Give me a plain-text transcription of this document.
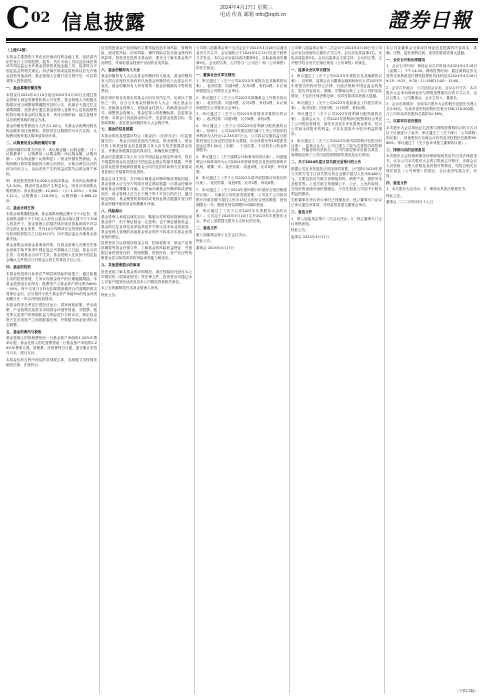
C02 信息披露
2024年4月17日 星期三
电话 传真 邮箱 info@zqrb.cn	證券日報

（上接C1版）

本基金主要投资于具有良好流动性的金融工具，包括国内依法发行上市的股票、债券、货币市场工具以及法律法规或中国证监会允许基金投资的其他金融工具，但须符合中国证监会的相关规定。如法律法规或监管机构以后允许基金投资其他品种，基金管理人在履行适当程序后，可以将其纳入投资范围。

一、基金募集份额发售

本基金自2024年4月18日起至2024年4月30日止通过基金管理人指定的销售机构公开发售。基金管理人可根据认购情况适当调整募集期限并及时公告，但最长不超过法定募集期限。投资者可通过基金管理人直销中心及其他销售机构办理本基金的认购业务，具体办理时间、地点及程序以各销售机构的规定为准。

基金份额发售面值为人民币1.00元。本基金认购费用按认购金额采用比例费率，投资者在认购期内可多次认购，认购费用按每笔认购申请单独计算。

二、认购费用及认购份额的计算

认购份额的计算方法如下：净认购金额＝认购金额／（1＋认购费率），认购费用＝认购金额－净认购金额，认购份额＝（净认购金额＋认购利息）／基金份额发售面值。认购份额计算结果保留到小数点后两位，小数点两位以后的部分四舍五入，由此误差产生的收益或损失由基金财产承担。

例：某投资者投资10,000元认购本基金，对应的认购费率为1.20%，假设该笔认购产生利息5元，则其可得到的认购份额为：净认购金额＝10,000／（1＋1.20%）＝9,881.42元，认购费用＝118.58元，认购份额＝9,886.42份。

三、基金合同生效

本基金募集期限届满，基金募集份额总额不少于2亿份，基金募集金额不少于2亿元人民币且基金认购人数不少于200人的条件下，基金管理人依据法律法规及招募说明书可以决定停止基金发售，并在10日内聘请法定验资机构验资，自收到验资报告之日起10日内，向中国证监会办理基金备案手续。

基金募集达到基金备案条件的，自基金管理人办理完毕基金备案手续并取得中国证监会书面确认之日起，基金合同生效；否则基金合同不生效。基金管理人在收到中国证监会确认文件的次日对基金合同生效事宜予以公告。

四、基金的投资

本基金的投资目标是在严格控制风险的前提下，通过积极主动的投资管理，力争实现基金资产的长期稳健增值。本基金投资组合比例为：股票资产占基金资产的比例为60%－95%，每个交易日日终在扣除股指期货合约需缴纳的交易保证金后，应当保持不低于基金资产净值5%的现金或者到期日在一年以内的政府债券。

本基金将综合考虑宏观经济运行、国家财政政策、货币政策、产业政策以及资本市场资金环境等因素，对股票、债券等大类资产的预期收益与风险进行分析评估，制定基金资产在各类资产之间的配置比例，并根据市场变化适时动态调整。

五、基金的费用与税收

基金管理人的管理费按前一日基金资产净值的1.20%年费率计提，基金托管人的托管费按前一日基金资产净值的0.20%年费率计提。管理费、托管费每日计提，逐日累计至每月月末，按月支付。

本基金运作过程中涉及的各纳税主体，其纳税义务按国家税收法律、法规执行。

证券投资基金产品面临的主要风险包括市场风险、管理风险、流动性风险、信用风险、操作风险以及本基金特有的风险等。投资者在投资本基金前，需充分了解本基金的产品特性，并承担基金投资中出现的各类风险。

六、基金份额持有人大会

基金份额持有人大会由基金份额持有人组成，基金份额持有人的合法授权代表有权代表基金份额持有人出席会议并表决。基金份额持有人持有的每一基金份额拥有平等的投票权。

除法律法规另有规定或基金合同另有约定外，出现以下情形之一的，应当召开基金份额持有人大会：终止基金合同；更换基金管理人；更换基金托管人；转换基金运作方式；调整基金管理人、基金托管人的报酬标准；变更基金类别；本基金与其他基金的合并；变更基金投资目标、范围或策略；变更基金份额持有人大会程序等。

七、基金的信息披露

本基金的信息披露应符合《基金法》《运作办法》《信息披露办法》、基金合同及其他有关规定。基金管理人、基金托管人和其他基金信息披露义务人应当依法披露基金信息，并保证所披露信息的真实性、准确性和完整性。

基金信息披露义务人应当在中国证监会规定时间内，将应予披露的基金信息通过中国证监会指定的媒介披露，并保证基金投资者能够按照基金合同约定的时间和方式查阅或者复制公开披露的信息资料。

基金合同生效后，在开始办理基金份额申购或者赎回前，基金管理人应当至少每周在规定网站披露一次基金份额净值和基金份额累计净值。在开始办理基金份额申购或者赎回后，基金管理人应当在不晚于每个开放日的次日，通过规定网站、基金销售机构网站或者营业网点披露开放日的基金份额净值和基金份额累计净值。

八、风险揭示

基金管理人承诺以诚实信用、勤勉尽责的原则管理和运用基金资产，但不保证基金一定盈利，也不保证最低收益。基金的过往业绩及其净值高低并不预示其未来业绩表现。基金管理人管理的其他基金的业绩并不构成对本基金业绩表现的保证。

投资者应当认真阅读基金合同、招募说明书、基金产品资料概要等基金法律文件，了解基金的风险收益特征，并根据自身的投资目的、投资期限、投资经验、资产状况等判断基金是否和投资者的风险承受能力相适应。

九、其他需要提示的事项

投资者欲了解本基金的详细情况，请仔细阅读刊登在本公司网站的《招募说明书》等法律文件。投资者亦可通过本公司客户服务电话或登录本公司网站咨询相关事宜。

本公告的解释权归本基金管理人所有。

特此公告。

公司第八届董事会第十五次会议于2024年4月16日以通讯表决方式召开，会议通知已于2024年4月12日以电子邮件方式发出。本次会议应参加表决董事9名，实际参加表决董事9名。会议的召集、召开符合《公司法》和《公司章程》的有关规定。

一、董事会会议审议情况

1．审议通过了《关于公司2023年年度报告及其摘要的议案》。表决结果：同意9票，反对0票，弃权0票。本议案尚需提交公司股东大会审议。

2．审议通过了《关于公司2023年度董事会工作报告的议案》。表决结果：同意9票，反对0票，弃权0票。本议案尚需提交公司股东大会审议。

3．审议通过了《关于公司2023年度财务决算报告的议案》。表决结果：同意9票，反对0票，弃权0票。

4．审议通过了《关于公司2023年度利润分配预案的议案》。经审计，公司2023年度实现归属于上市公司股东的净利润为人民币12,345.67万元。公司拟以实施权益分派股权登记日登记的总股本为基数，向全体股东每10股派发现金红利1.50元（含税），不送红股，不以资本公积金转增股本。

5．审议通过了《关于续聘会计师事务所的议案》。同意续聘会计师事务所为公司2024年度财务报告及内部控制审计机构，聘期一年。表决结果：同意9票，反对0票，弃权0票。

6．审议通过了《关于公司2023年度内部控制评价报告的议案》。表决结果：同意9票，反对0票，弃权0票。

7．审议通过了《关于2024年度向银行申请综合授信额度的议案》。为满足公司经营发展需要，公司及子公司拟向银行申请总额不超过人民币15亿元的综合授信额度，授信期限为一年，额度在授信期限内可循环使用。

8．审议通过了《关于召开2023年年度股东大会的议案》。公司定于2024年5月10日召开2023年年度股东大会，审议上述需提交股东大会审议的议案。

二、备查文件

第八届董事会第十五次会议决议。

特此公告。

董事会 2024年4月17日

公司第八届监事会第十二次会议于2024年4月16日在公司会议室以现场结合通讯方式召开。会议应出席监事3名，实际出席监事3名。会议由监事会主席主持，会议的召集、召开程序符合有关法律法规及《公司章程》的规定。

一、监事会会议审议情况

1．审议通过了《关于公司2023年年度报告及其摘要的议案》。经审核，监事会认为董事会编制和审议公司2023年年度报告的程序符合法律、行政法规和中国证监会的规定，报告内容真实、准确、完整地反映了上市公司的实际情况，不存在任何虚假记载、误导性陈述或者重大遗漏。

2．审议通过了《关于公司2023年度监事会工作报告的议案》。表决结果：同意3票，反对0票，弃权0票。

3．审议通过了《关于公司2023年度利润分配预案的议案》。监事会认为，公司2023年度利润分配预案综合考虑了公司的经营情况、财务状况及未来发展资金需求，符合公司和全体股东的利益，不存在损害中小股东利益的情形。

4．审议通过了《关于公司2023年度内部控制评价报告的议案》。监事会认为，公司已建立了较为完善的内部控制体系，并能得到有效执行，公司内部控制评价报告真实、客观地反映了公司内部控制制度的建设及运行情况。

二、关于2024年度日常关联交易预计的公告

根据公司业务发展及日常经营的需要，公司预计2024年度与关联方发生日常关联交易总金额不超过人民币8,600万元，主要包括向关联方采购原材料、销售产品、提供劳务及租赁等。上述关联交易遵循公平、公正、公允的原则，交易价格参照市场价格确定，不存在损害公司及中小股东利益的情形。

关联董事在审议该议案时已回避表决。独立董事专门会议已审议通过该事项，并同意将其提交董事会审议。

三、备查文件

1．第八届监事会第十二次会议决议；2．独立董事专门会议审核意见。

特此公告。

监事会 2024年4月17日

本公司及董事会全体成员保证信息披露的内容真实、准确、完整，没有虚假记载、误导性陈述或重大遗漏。

一、会议召开和出席情况

1．会议召开时间：现场会议召开时间为2024年4月16日（星期二）下午14:30。网络投票时间：通过深圳证券交易所交易系统进行网络投票的具体时间为2024年4月16日9:15－9:25，9:30－11:30和13:00－15:00。

2．会议召开地点：公司总部会议室。会议召开方式：本次股东大会采用现场表决与网络投票相结合的方式召开。会议召集人：公司董事会。会议主持人：董事长。

3．会议出席情况：出席本次股东大会的股东及股东代理人共计56名，代表有表决权的股份总数为356,218,900股，占公司有表决权股份总数的52.36%。

二、议案审议表决情况

本次股东大会以现场记名投票与网络投票相结合的方式对以下议案进行了表决：审议通过了《关于修订〈公司章程〉的议案》，同意股份占出席会议有效表决权股份总数的99.86%；审议通过了《关于选举非独立董事的议案》。

三、律师出具的法律意见

本次股东大会经律师事务所律师现场见证并出具法律意见书，认为公司本次股东大会的召集和召开程序、出席会议人员资格、召集人资格及表决程序等事宜，均符合相关法律法规及《公司章程》的规定，会议表决结果合法、有效。

四、备查文件

1．本次股东大会决议；2．律师出具的法律意见书。

特此公告。

董事会 二〇二四年四月十七日

（下转C3版）
